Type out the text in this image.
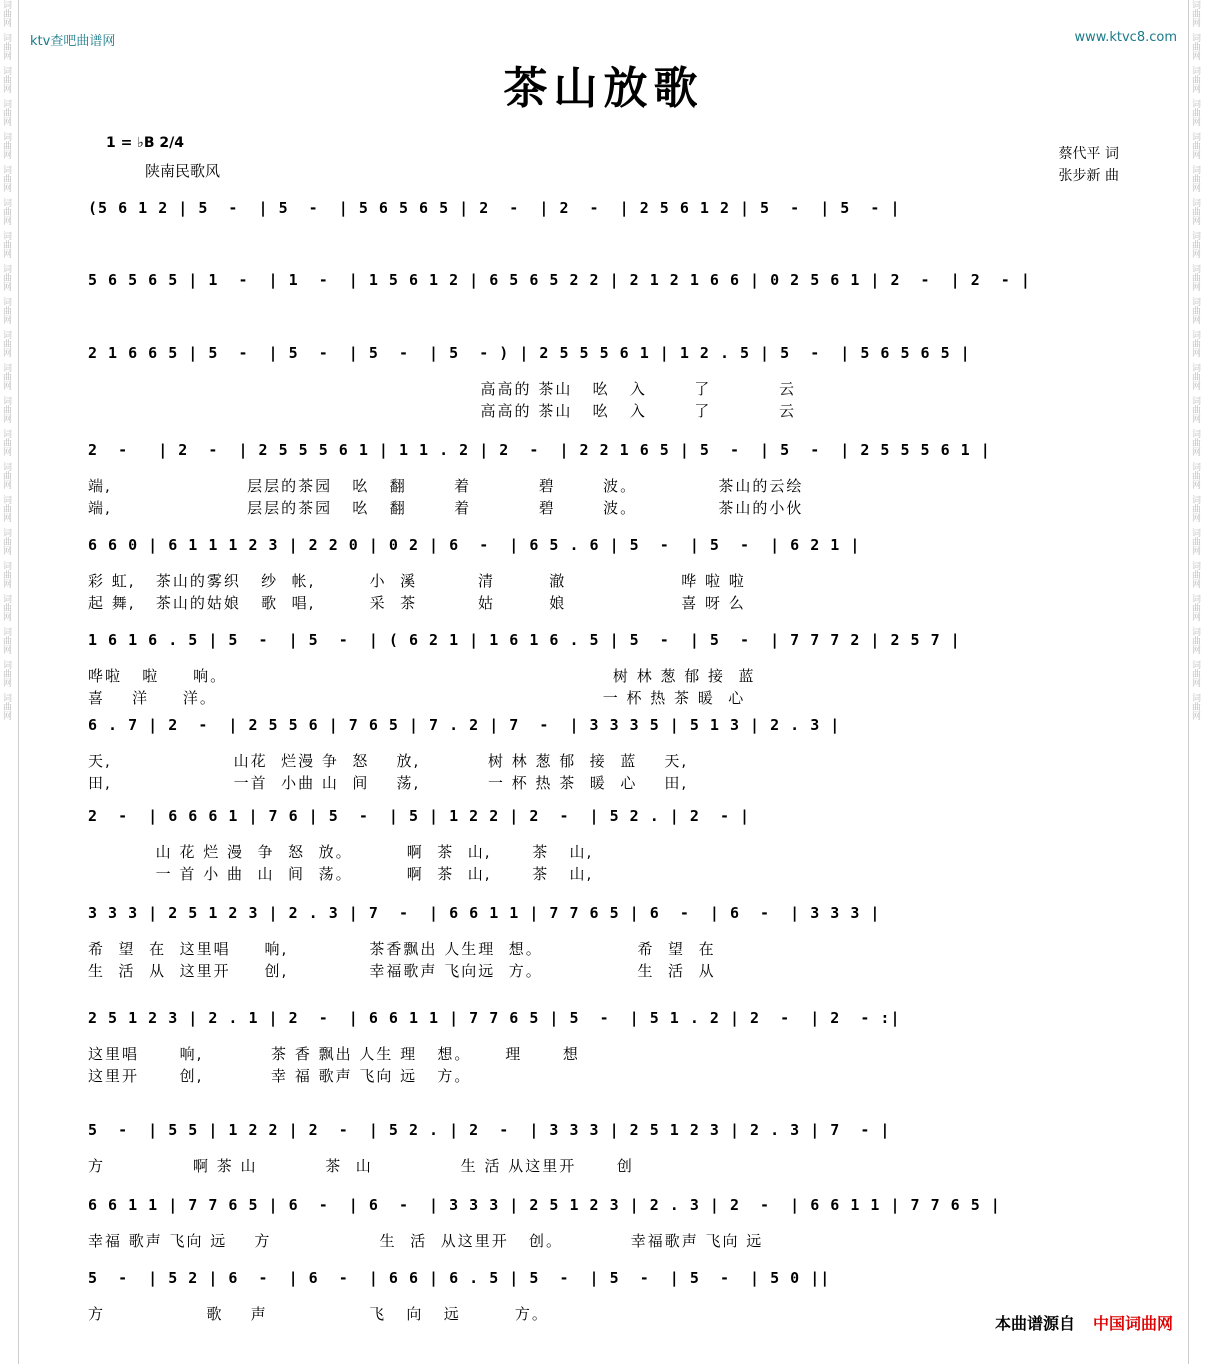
词曲网
词曲网
词曲网
词曲网
词曲网
词曲网
词曲网
词曲网
词曲网
词曲网
词曲网
词曲网
词曲网
词曲网
词曲网
词曲网
词曲网
词曲网
词曲网
词曲网
词曲网
词曲网
词曲网
词曲网
词曲网
词曲网
词曲网
词曲网
词曲网
词曲网
词曲网
词曲网
词曲网
词曲网
词曲网
词曲网
词曲网
词曲网
词曲网
词曲网
词曲网
词曲网
词曲网
词曲网
ktv查吧曲谱网	www.ktvc8.com
茶山放歌
1 = ♭B 2/4
陕南民歌风
蔡代平 词
张步新 曲
(5 6 1 2 | 5  -  | 5  -  | 5 6 5 6 5 | 2  -  | 2  -  | 2 5 6 1 2 | 5  -  | 5  - |
5 6 5 6 5 | 1  -  | 1  -  | 1 5 6 1 2 | 6 5 6 5 2 2 | 2 1 2 1 6 6 | 0 2 5 6 1 | 2  -  | 2  - |
2 1 6 6 5 | 5  -  | 5  -  | 5  -  | 5  - ) | 2 5 5 5 6 1 | 1 2 . 5 | 5  -  | 5 6 5 6 5 |
高高的 茶山   吆   入       了          云
高高的 茶山   吆   入       了          云
2  -   | 2  -  | 2 5 5 5 6 1 | 1 1 . 2 | 2  -  | 2 2 1 6 5 | 5  -  | 5  -  | 2 5 5 5 6 1 |
端,                    层层的茶园   吆   翻       着          碧       波。            茶山的云绘
端,                    层层的茶园   吆   翻       着          碧       波。            茶山的小伙
6 6 0 | 6 1 1 1 2 3 | 2 2 0 | 0 2 | 6  -  | 6 5 . 6 | 5  -  | 5  -  | 6 2 1 |
彩 虹,   茶山的雾织   纱  帐,        小  溪         清        澈                 哗 啦 啦
起 舞,   茶山的姑娘   歌  唱,        采  茶         姑        娘                 喜 呀 么
1 6 1 6 . 5 | 5  -  | 5  -  | ( 6 2 1 | 1 6 1 6 . 5 | 5  -  | 5  -  | 7 7 7 2 | 2 5 7 |
哗啦   啦     响。                                                         树 林 葱 郁 接  蓝
喜    洋     洋。                                                         一 杯 热 茶 暖  心
6 . 7 | 2  -  | 2 5 5 6 | 7 6 5 | 7 . 2 | 7  -  | 3 3 3 5 | 5 1 3 | 2 . 3 |
天,                  山花  烂漫 争  怒    放,          树 林 葱 郁  接  蓝    天,
田,                  一首  小曲 山  间    荡,          一 杯 热 茶  暖  心    田,
2  -  | 6 6 6 1 | 7 6 | 5  -  | 5 | 1 2 2 | 2  -  | 5 2 . | 2  - |
山 花 烂 漫  争  怒  放。        啊  茶  山,      茶   山,
一 首 小 曲  山  间  荡。        啊  茶  山,      茶   山,
3 3 3 | 2 5 1 2 3 | 2 . 3 | 7  -  | 6 6 1 1 | 7 7 6 5 | 6  -  | 6  -  | 3 3 3 |
希  望  在  这里唱     响,            茶香飘出 人生理  想。              希  望  在
生  活  从  这里开     创,            幸福歌声 飞向远  方。              生  活  从
2 5 1 2 3 | 2 . 1 | 2  -  | 6 6 1 1 | 7 7 6 5 | 5  -  | 5 1 . 2 | 2  -  | 2  - :|
这里唱      响,          茶 香 飘出 人生 理   想。     理      想
这里开      创,          幸 福 歌声 飞向 远   方。
5  -  | 5 5 | 1 2 2 | 2  -  | 5 2 . | 2  -  | 3 3 3 | 2 5 1 2 3 | 2 . 3 | 7  - |
方             啊 茶 山          茶  山             生 活 从这里开      创
6 6 1 1 | 7 7 6 5 | 6  -  | 6  -  | 3 3 3 | 2 5 1 2 3 | 2 . 3 | 2  -  | 6 6 1 1 | 7 7 6 5 |
幸福 歌声 飞向 远    方                生  活  从这里开   创。          幸福歌声 飞向 远
5  -  | 5 2 | 6  -  | 6  -  | 6 6 | 6 . 5 | 5  -  | 5  -  | 5  -  | 5 0 ||
方               歌    声               飞   向   远        方。	本曲谱源自 中国词曲网
